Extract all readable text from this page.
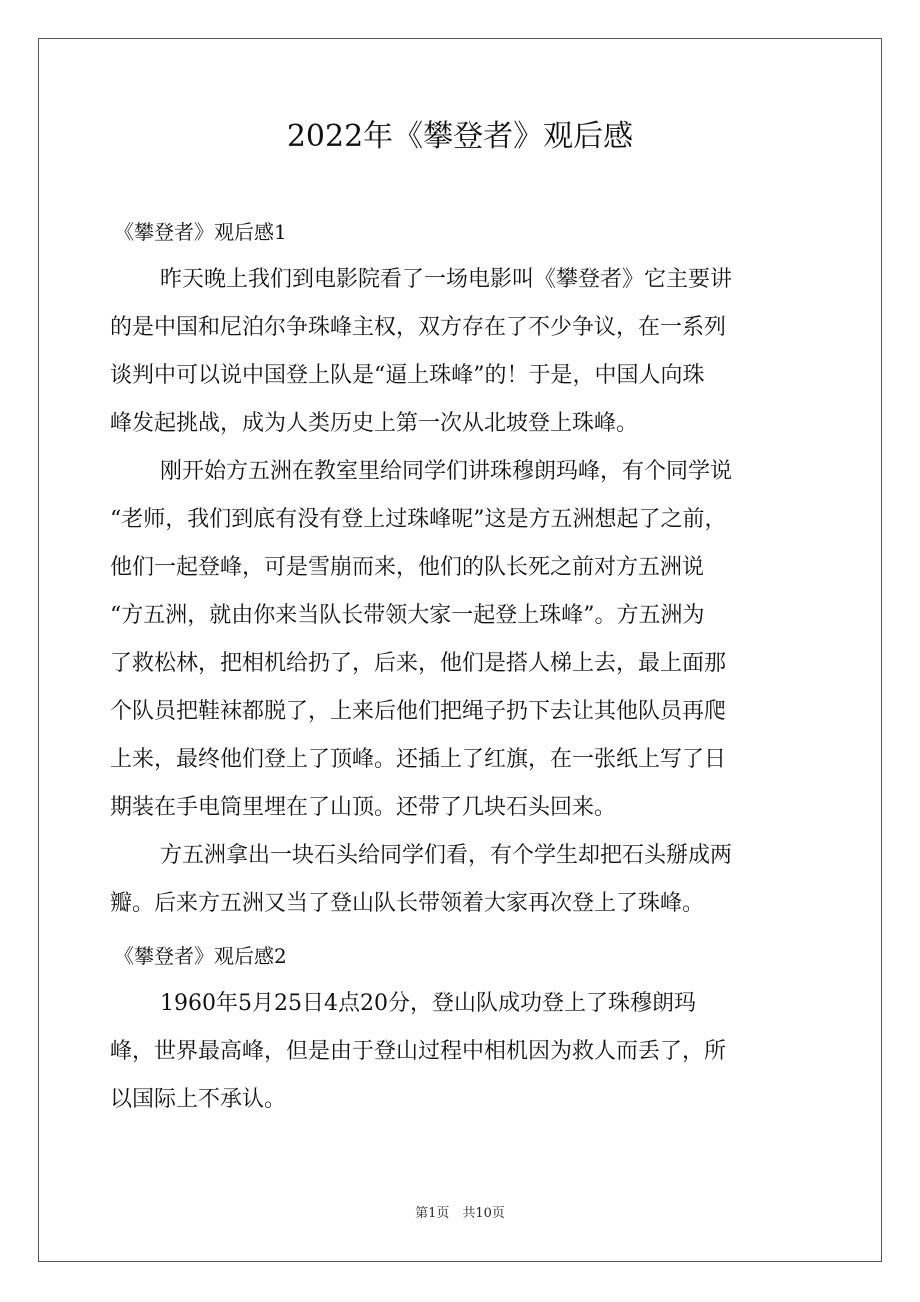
2022年《攀登者》观后感
《攀登者》观后感1
昨天晚上我们到电影院看了一场电影叫《攀登者》它主要讲
的是中国和尼泊尔争珠峰主权，双方存在了不少争议，在一系列
谈判中可以说中国登上队是“逼上珠峰”的！于是，中国人向珠
峰发起挑战，成为人类历史上第一次从北坡登上珠峰。
刚开始方五洲在教室里给同学们讲珠穆朗玛峰，有个同学说
“老师，我们到底有没有登上过珠峰呢”这是方五洲想起了之前，
他们一起登峰，可是雪崩而来，他们的队长死之前对方五洲说
“方五洲，就由你来当队长带领大家一起登上珠峰”。方五洲为
了救松林，把相机给扔了，后来，他们是搭人梯上去，最上面那
个队员把鞋袜都脱了，上来后他们把绳子扔下去让其他队员再爬
上来，最终他们登上了顶峰。还插上了红旗，在一张纸上写了日
期装在手电筒里埋在了山顶。还带了几块石头回来。
方五洲拿出一块石头给同学们看，有个学生却把石头掰成两
瓣。后来方五洲又当了登山队长带领着大家再次登上了珠峰。
《攀登者》观后感2
1960年5月25日4点20分，登山队成功登上了珠穆朗玛
峰，世界最高峰，但是由于登山过程中相机因为救人而丢了，所
以国际上不承认。
第1页　共10页
